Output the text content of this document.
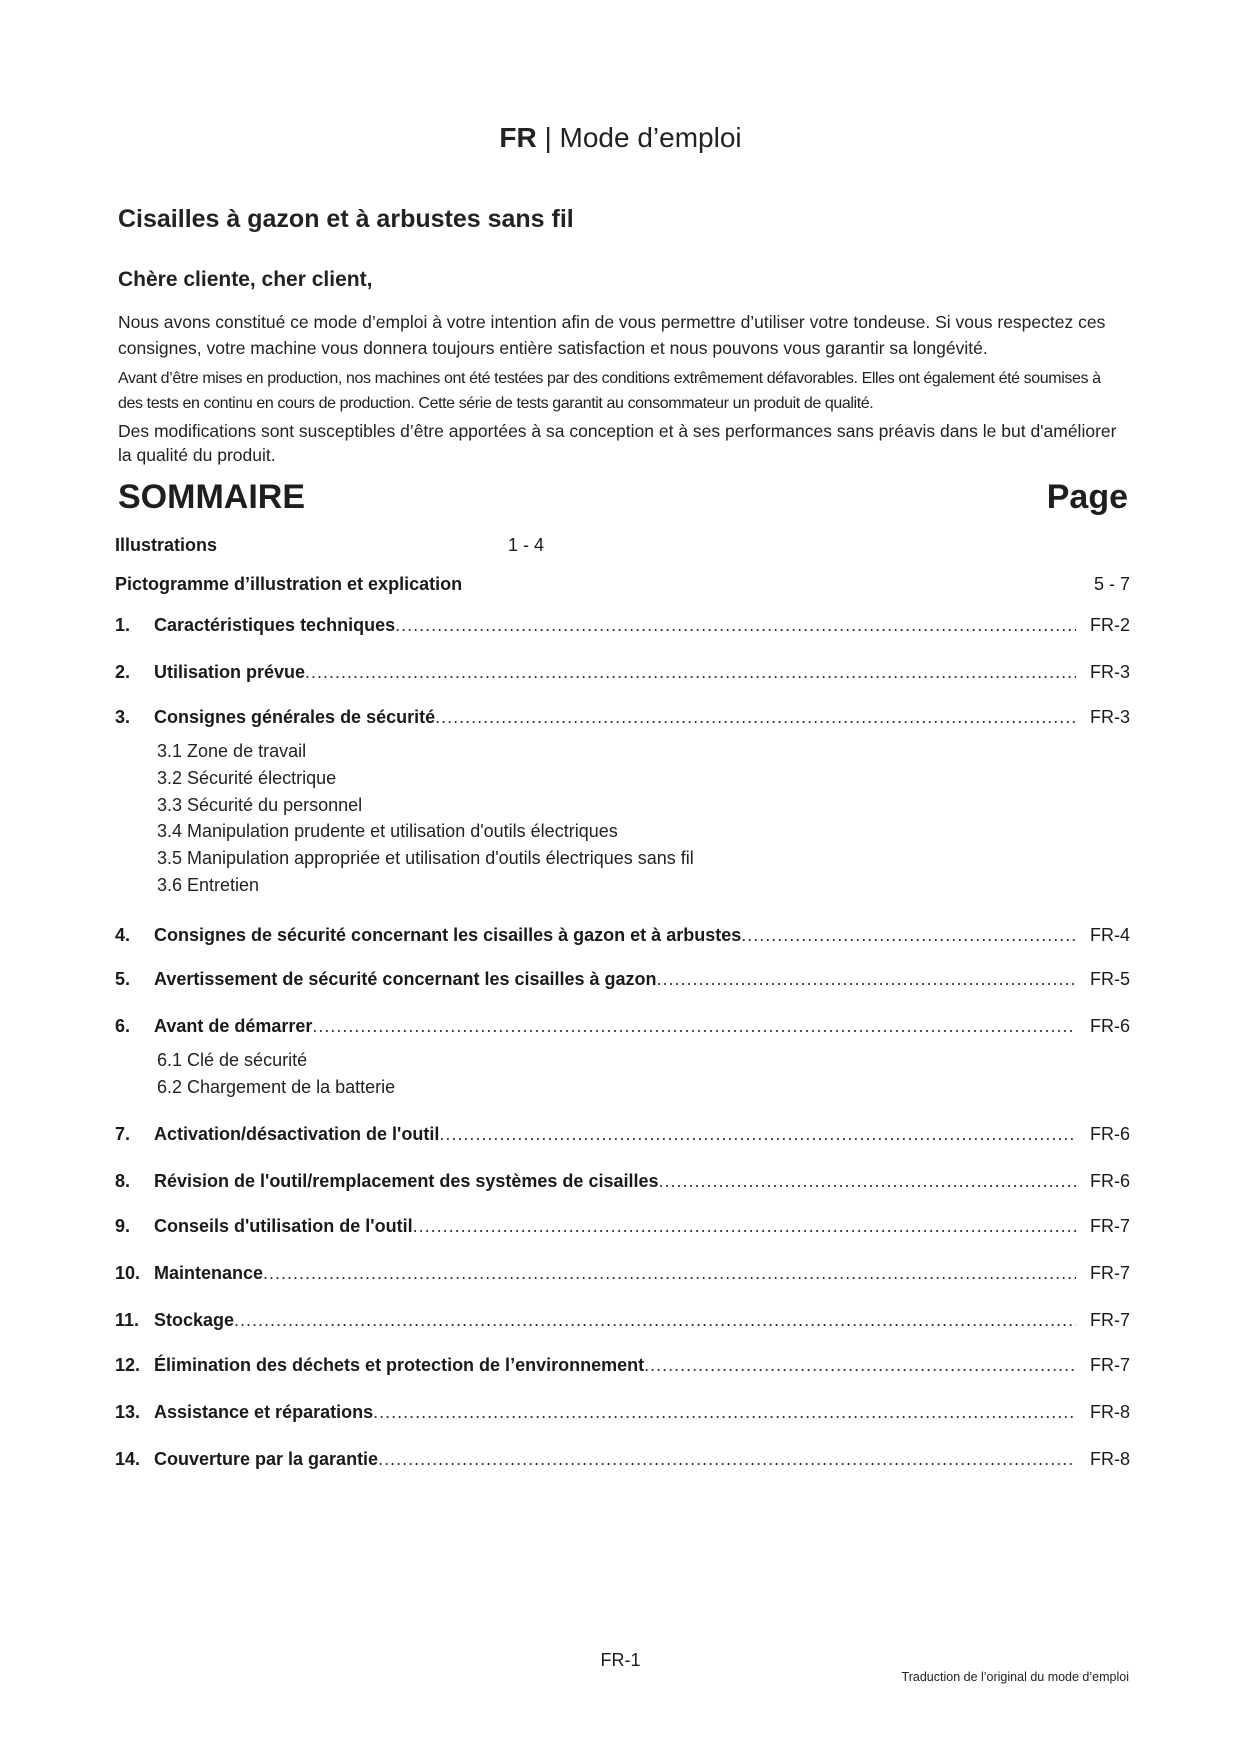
FR | Mode d’emploi
Cisailles à gazon et à arbustes sans fil
Chère cliente, cher client,
Nous avons constitué ce mode d’emploi à votre intention afin de vous permettre d’utiliser votre tondeuse. Si vous respectez ces consignes, votre machine vous donnera toujours entière satisfaction et nous pouvons vous garantir sa longévité.
Avant d’être mises en production, nos machines ont été testées par des conditions extrêmement défavorables. Elles ont également été soumises à des tests en continu en cours de production. Cette série de tests garantit au consommateur un produit de qualité.
Des modifications sont susceptibles d’être apportées à sa conception et à ses performances sans préavis dans le but d'améliorer la qualité du produit.
SOMMAIRE	Page
Illustrations	1 - 4
Pictogramme d’illustration et explication	5 - 7
1.	Caractéristiques techniques .....	FR-2
2.	Utilisation prévue .....	FR-3
3.	Consignes générales de sécurité .....	FR-3
3.1 Zone de travail
3.2 Sécurité électrique
3.3 Sécurité du personnel
3.4 Manipulation prudente et utilisation d'outils électriques
3.5 Manipulation appropriée et utilisation d'outils électriques sans fil
3.6 Entretien
4.	Consignes de sécurité concernant les cisailles à gazon et à arbustes .....	FR-4
5.	Avertissement de sécurité concernant les cisailles à gazon .....	FR-5
6.	Avant de démarrer .....	FR-6
6.1 Clé de sécurité
6.2 Chargement de la batterie
7.	Activation/désactivation de l'outil .....	FR-6
8.	Révision de l'outil/remplacement des systèmes de cisailles .....	FR-6
9.	Conseils d'utilisation de l'outil .....	FR-7
10. Maintenance .....	FR-7
11. Stockage .....	FR-7
12. Élimination des déchets et protection de l’environnement .....	FR-7
13. Assistance et réparations .....	FR-8
14. Couverture par la garantie .....	FR-8
FR-1
Traduction de l’original du mode d’emploi
